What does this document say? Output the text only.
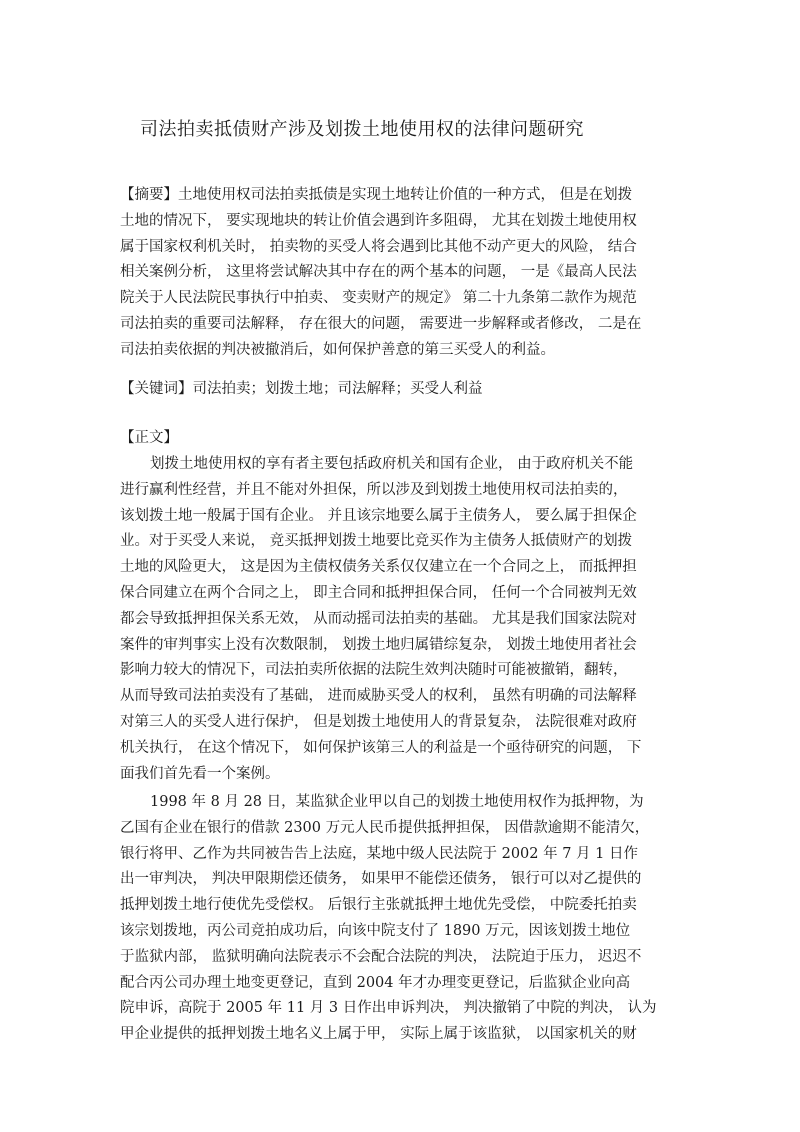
司法拍卖抵债财产涉及划拨土地使用权的法律问题研究
【摘要】土地使用权司法拍卖抵债是实现土地转让价值的一种方式， 但是在划拨
土地的情况下， 要实现地块的转让价值会遇到许多阻碍， 尤其在划拨土地使用权
属于国家权利机关时， 拍卖物的买受人将会遇到比其他不动产更大的风险， 结合
相关案例分析， 这里将尝试解决其中存在的两个基本的问题， 一是《最高人民法
院关于人民法院民事执行中拍卖、 变卖财产的规定》 第二十九条第二款作为规范
司法拍卖的重要司法解释， 存在很大的问题， 需要进一步解释或者修改， 二是在
司法拍卖依据的判决被撤消后，如何保护善意的第三买受人的利益。
【关键词】司法拍卖；划拨土地；司法解释；买受人利益
【正文】
划拨土地使用权的享有者主要包括政府机关和国有企业， 由于政府机关不能
进行赢利性经营，并且不能对外担保，所以涉及到划拨土地使用权司法拍卖的，
该划拨土地一般属于国有企业。 并且该宗地要么属于主债务人， 要么属于担保企
业。对于买受人来说， 竞买抵押划拨土地要比竞买作为主债务人抵债财产的划拨
土地的风险更大， 这是因为主债权债务关系仅仅建立在一个合同之上， 而抵押担
保合同建立在两个合同之上， 即主合同和抵押担保合同， 任何一个合同被判无效
都会导致抵押担保关系无效， 从而动摇司法拍卖的基础。 尤其是我们国家法院对
案件的审判事实上没有次数限制， 划拨土地归属错综复杂， 划拨土地使用者社会
影响力较大的情况下，司法拍卖所依据的法院生效判决随时可能被撤销，翻转，
从而导致司法拍卖没有了基础， 进而威胁买受人的权利， 虽然有明确的司法解释
对第三人的买受人进行保护， 但是划拨土地使用人的背景复杂， 法院很难对政府
机关执行， 在这个情况下， 如何保护该第三人的利益是一个亟待研究的问题， 下
面我们首先看一个案例。
1998 年 8 月 28 日，某监狱企业甲以自己的划拨土地使用权作为抵押物，为
乙国有企业在银行的借款 2300 万元人民币提供抵押担保， 因借款逾期不能清欠，
银行将甲、乙作为共同被告告上法庭，某地中级人民法院于 2002 年 7 月 1 日作
出一审判决， 判决甲限期偿还债务， 如果甲不能偿还债务， 银行可以对乙提供的
抵押划拨土地行使优先受偿权。 后银行主张就抵押土地优先受偿， 中院委托拍卖
该宗划拨地，丙公司竞拍成功后，向该中院支付了 1890 万元，因该划拨土地位
于监狱内部， 监狱明确向法院表示不会配合法院的判决， 法院迫于压力， 迟迟不
配合丙公司办理土地变更登记，直到 2004 年才办理变更登记，后监狱企业向高
院申诉，高院于 2005 年 11 月 3 日作出申诉判决， 判决撤销了中院的判决， 认为
甲企业提供的抵押划拨土地名义上属于甲， 实际上属于该监狱， 以国家机关的财
